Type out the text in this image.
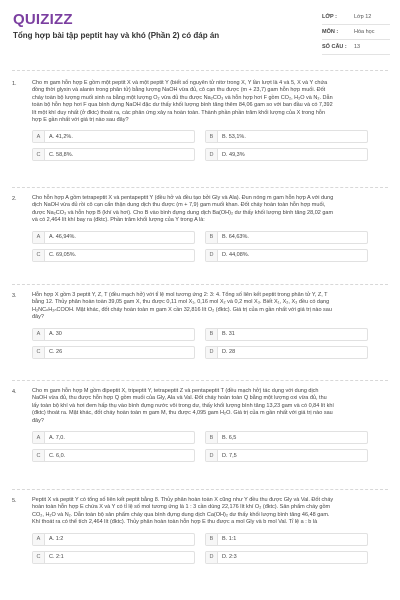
QUIZIZZ
Tổng hợp bài tập peptit hay và khó (Phần 2) có đáp án
LỚP :	Lớp 12
MÔN :	Hóa học
SỐ CÂU :	13
1.	Cho m gam hỗn hợp E gồm một peptit X và một peptit Y (biết số nguyên tử nitơ trong X, Y lần lượt là 4 và 5, X và Y chứa đồng thời glyxin và alanin trong phân tử) bằng lượng NaOH vừa đủ, cô cạn thu được (m + 23,7) gam hỗn hợp muối. Đốt cháy toàn bộ lượng muối sinh ra bằng một lượng O₂ vừa đủ thu được Na₂CO₃ và hỗn hợp hơi F gồm CO₂, H₂O và N₂. Dẫn toàn bộ hỗn hợp hơi F qua bình đựng NaOH đặc dư thấy khối lượng bình tăng thêm 84,06 gam so với ban đầu và có 7,392 lít một khí duy nhất (ở đktc) thoát ra, các phản ứng xảy ra hoàn toàn. Thành phần phần trăm khối lượng của X trong hỗn hợp E gần nhất với giá trị nào sau đây?
A	A. 41,2%.	B	B. 53,1%.
C	C. 58,8%.	D	D. 49,3%
2.	Cho hỗn hợp A gồm tetrapeptit X và pentapeptit Y (đều hở và đều tạo bởi Gly và Ala). Đun nóng m gam hỗn hợp A với dung dịch NaOH vừa đủ rồi cô cạn cẩn thận dung dịch thu được (m + 7,9) gam muối khan. Đốt cháy hoàn toàn hỗn hợp muối, được Na₂CO₃ và hỗn hợp B (khí và hơi). Cho B vào bình đựng dung dịch Ba(OH)₂ dư thấy khối lượng bình tăng 28,02 gam và có 2,464 lít khí bay ra (đktc). Phần trăm khối lượng của Y trong A là:
A	A. 46,94%.	B	B. 64,63%.
C	C. 69,05%.	D	D. 44,08%.
3.	Hỗn hợp X gồm 3 peptit Y, Z, T (đều mạch hở) với tỉ lệ mol tương ứng 2: 3: 4. Tổng số liên kết peptit trong phân tử Y, Z, T bằng 12. Thủy phân hoàn toàn 39,05 gam X, thu được 0,11 mol X₁, 0,16 mol X₂ và 0,2 mol X₃. Biết X₁, X₂, X₃ đều có dạng H₂NCₙH₂ₙCOOH. Mặt khác, đốt cháy hoàn toàn m gam X cần 32,816 lít O₂ (đktc). Giá trị của m gần nhất với giá trị nào sau đây?
A	A. 30	B	B. 31
C	C. 26	D	D. 28
4.	Cho m gam hỗn hợp M gồm đipeptit X, tripeptit Y, tetrapeptit Z và pentapeptit T (đều mạch hở) tác dụng với dung dịch NaOH vừa đủ, thu được hỗn hợp Q gồm muối của Gly, Ala và Val. Đốt cháy hoàn toàn Q bằng một lượng oxi vừa đủ, thu lấy toàn bộ khí và hơi đem hấp thụ vào bình đựng nước vôi trong dư, thấy khối lượng bình tăng 13,23 gam và có 0,84 lít khí (đktc) thoát ra. Mặt khác, đốt cháy hoàn toàn m gam M, thu được 4,095 gam H₂O. Giá trị của m gần nhất với giá trị nào sau đây?
A	A. 7,0.	B	B. 6,5
C	C. 6,0.	D	D. 7,5
5.	Peptit X và peptit Y có tổng số liên kết peptit bằng 8. Thủy phân hoàn toàn X cũng như Y đều thu được Gly và Val. Đốt cháy hoàn toàn hỗn hợp E chứa X và Y có tỉ lệ số mol tương ứng là 1 : 3 cần dùng 22,176 lít khí O₂ (đktc). Sản phẩm cháy gồm CO₂, H₂O và N₂. Dẫn toàn bộ sản phẩm cháy qua bình đựng dung dịch Ca(OH)₂ dư thấy khối lượng bình tăng 46,48 gam. Khí thoát ra có thể tích 2,464 lít (đktc). Thủy phân hoàn toàn hỗn hợp E thu được a mol Gly và b mol Val. Tỉ lệ a : b là
A	A. 1:2	B	B. 1:1
C	C. 2:1	D	D. 2:3
